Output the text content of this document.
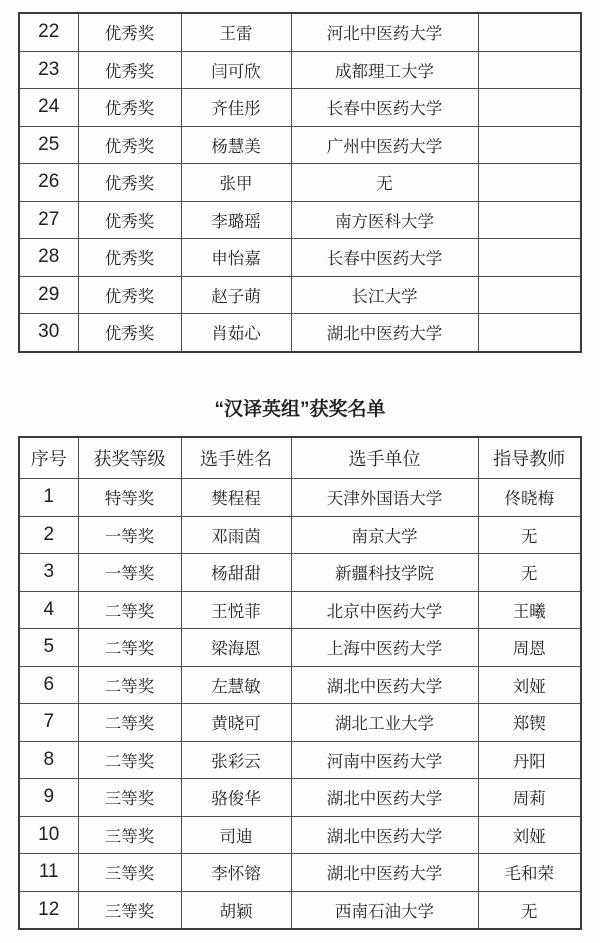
22	优秀奖	王雷	河北中医药大学	
23	优秀奖	闫可欣	成都理工大学	
24	优秀奖	齐佳彤	长春中医药大学	
25	优秀奖	杨慧美	广州中医药大学	
26	优秀奖	张甲	无	
27	优秀奖	李璐瑶	南方医科大学	
28	优秀奖	申怡嘉	长春中医药大学	
29	优秀奖	赵子萌	长江大学	
30	优秀奖	肖茹心	湖北中医药大学	
“汉译英组”获奖名单
序号	获奖等级	选手姓名	选手单位	指导教师
1	特等奖	樊程程	天津外国语大学	佟晓梅
2	一等奖	邓雨茵	南京大学	无
3	一等奖	杨甜甜	新疆科技学院	无
4	二等奖	王悦菲	北京中医药大学	王曦
5	二等奖	梁海恩	上海中医药大学	周恩
6	二等奖	左慧敏	湖北中医药大学	刘娅
7	二等奖	黄晓可	湖北工业大学	郑锲
8	二等奖	张彩云	河南中医药大学	丹阳
9	三等奖	骆俊华	湖北中医药大学	周莉
10	三等奖	司迪	湖北中医药大学	刘娅
11	三等奖	李怀镕	湖北中医药大学	毛和荣
12	三等奖	胡颖	西南石油大学	无
